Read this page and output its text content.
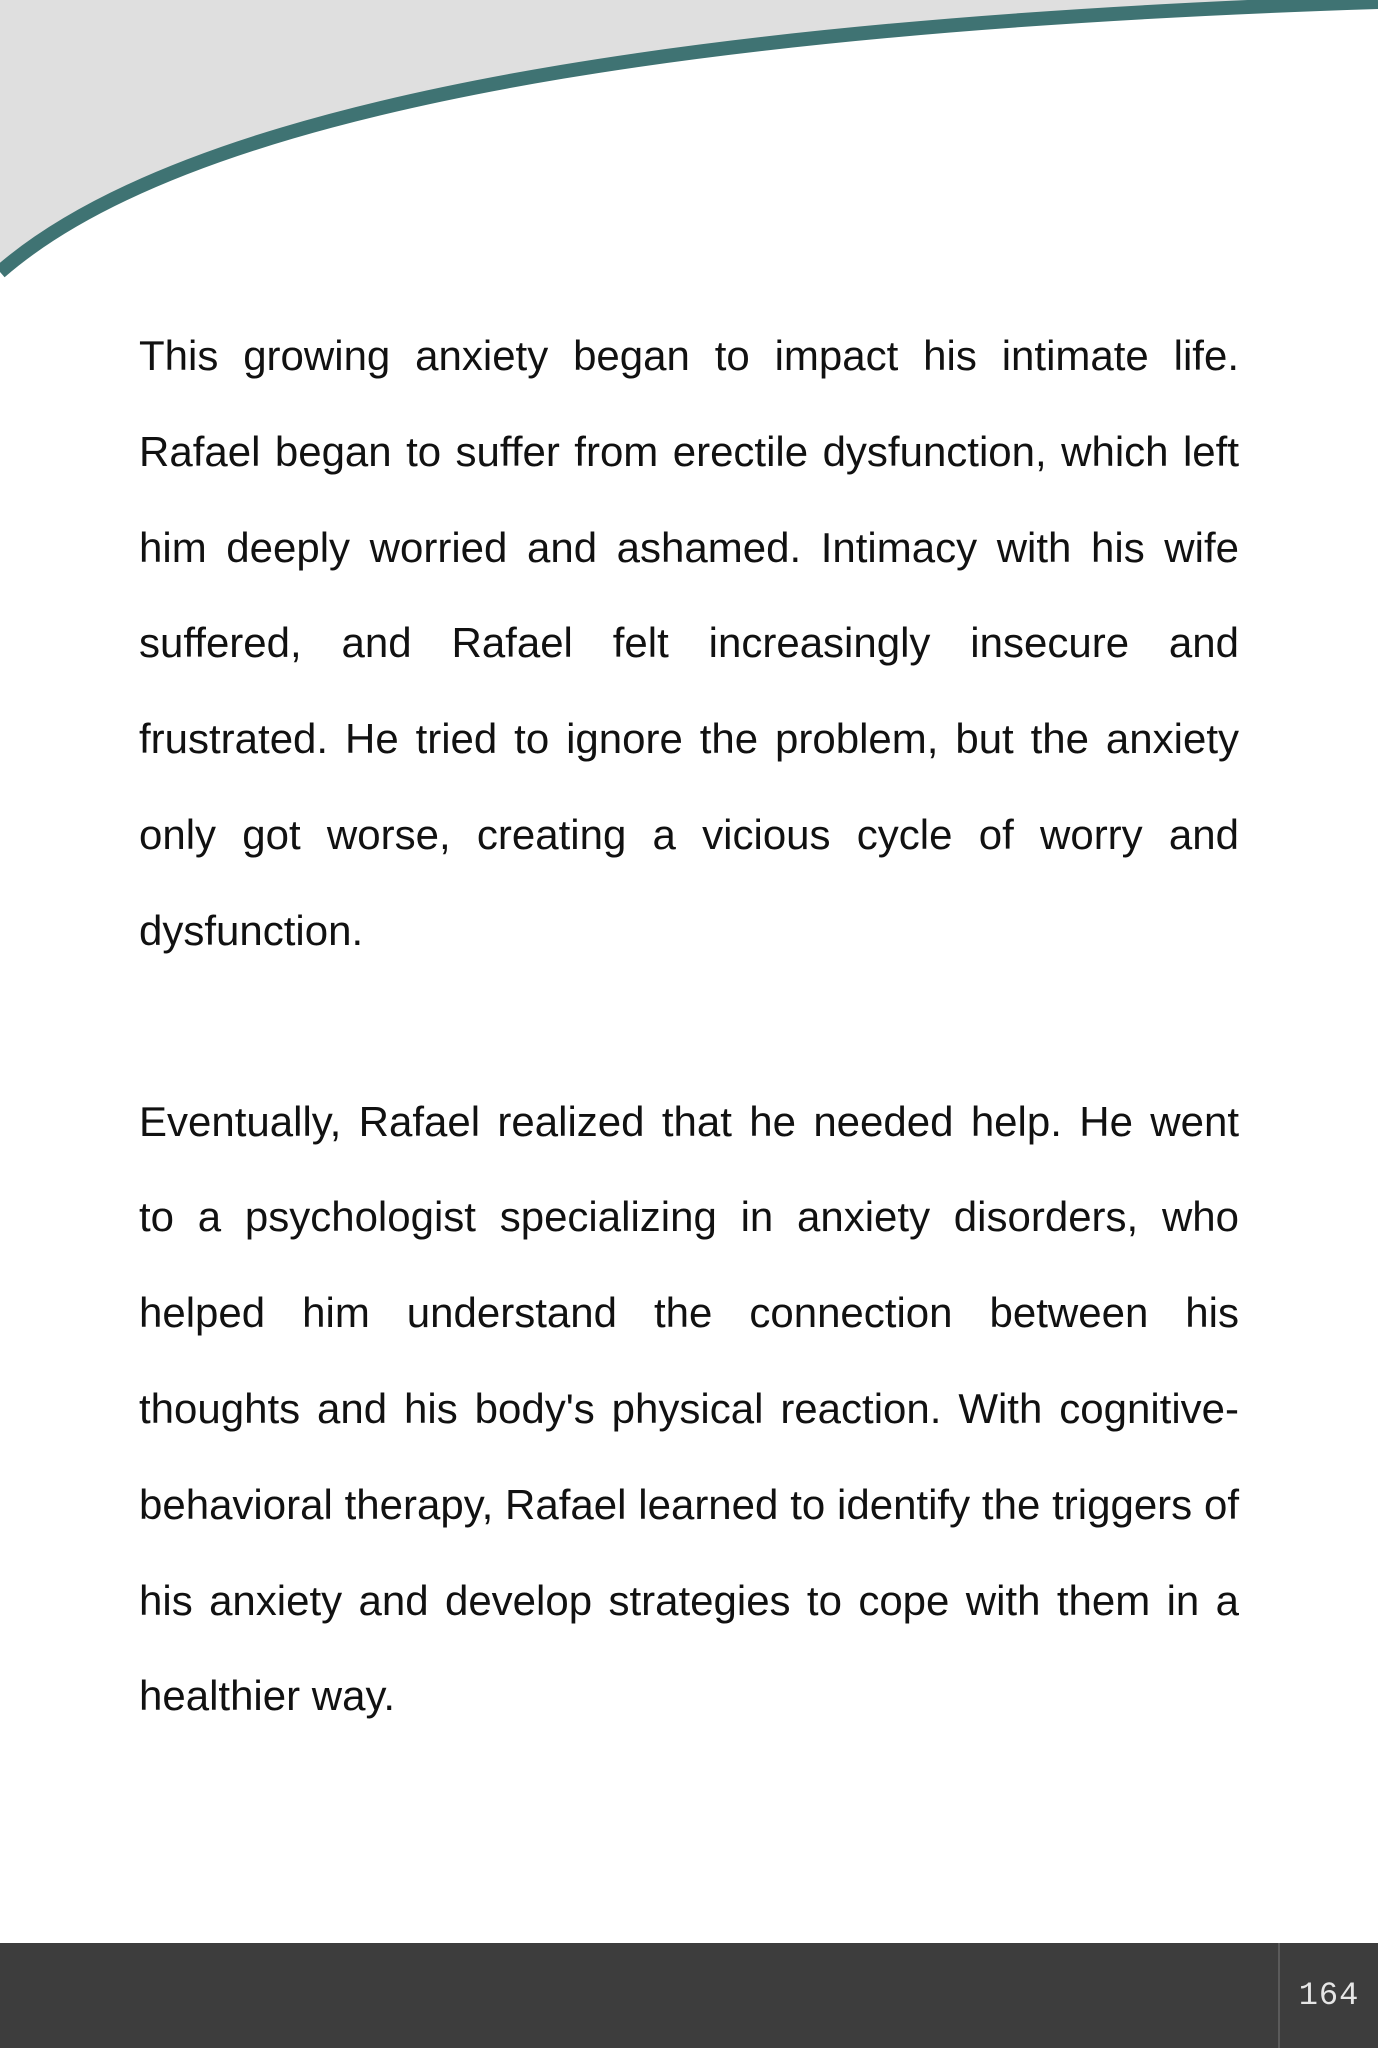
This growing anxiety began to impact his intimate life. Rafael began to suffer from erectile dysfunction, which left him deeply worried and ashamed. Intimacy with his wife suffered, and Rafael felt increasingly insecure and frustrated. He tried to ignore the problem, but the anxiety only got worse, creating a vicious cycle of worry and dysfunction.

Eventually, Rafael realized that he needed help. He went to a psychologist specializing in anxiety disorders, who helped him understand the connection between his thoughts and his body's physical reaction. With cognitive-behavioral therapy, Rafael learned to identify the triggers of his anxiety and develop strategies to cope with them in a healthier way.

164
